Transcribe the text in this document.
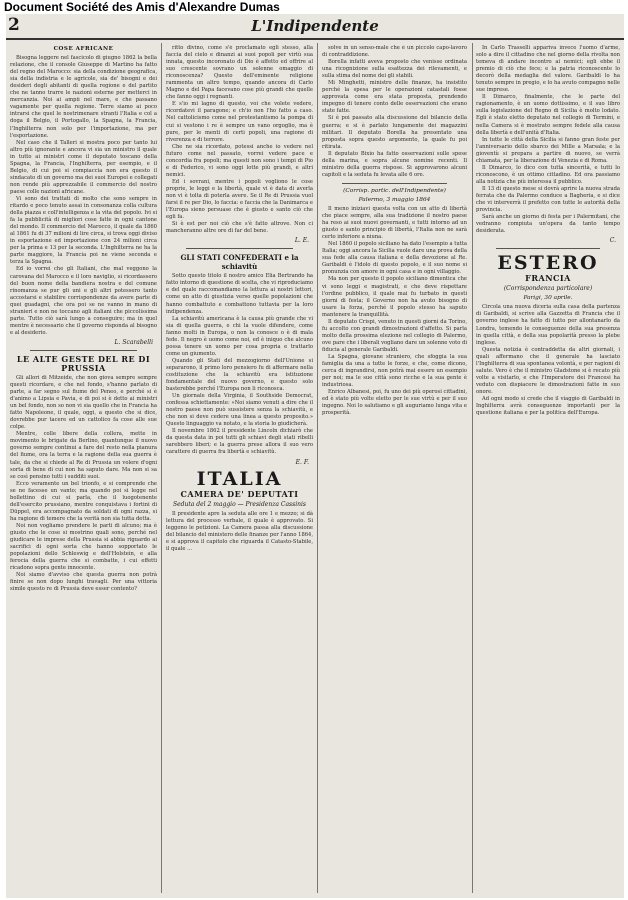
Document Société des Amis d'Alexandre Dumas
2	L'Indipendente
COSE AFRICANE

Bisogna leggere nel fascicolo di giugno 1862 la bella relazione, che il console Giuseppe di Martino ha fatto del regno del Marocco: sia della condizione geografica, sia della indistria e le agricole, sia de' bisogni e dei desideri degli abitanti di quella regione e del partito che ne tanno trarre le nazioni esterne per metterci in mercanzia. Noi ai ampii nel mare, e che passano vagamente per quella regione. Terre siamo ai poco intrarsi che quel le nostrimenare stranti l'Italia e col a doga il Belgio, il Portogallo, la Spagna, la Francia, l'Inghilterra non solo per l'importazione, ma per l'esportazione.

Nel caso che il Talleri si mostra poco per tanto lui altro più ignorante e ancora vi sia un ministro il quale in tutto ai ministri come il deputato toscano della Spagna, la Francia, l'Inghilterra, per esempio, e il Belgio, di cui poi si compiaccia non era questo il sindacato di un governo ma dei suoi Europei e collegati non rende più apprezzabile il commercio del nostro paese colle nazioni africane.

Vi sono dei trattati di molto che sono sempre in ritardo e poco tenuto assai in consonanza colla cultura della piazza e coll'intelligenza e la vita del popolo. Ivi si fa la pubblicità di migliori cose fatte in ogni cantone del mondo. Il commercio del Marocco, il quale da 1860 al 1861 fu di 37 milioni di lire circa, si trova oggi diviso in esportazione ed importazione con 24 milioni circa per la prima e 13 per la seconda. L'Inghilterra ne ha la parte maggiore, la Francia poi ne viene seconda e terza la Spagna.

Ed io vorrei che gli Italiani, che mal veggono la carovana del Marocco e il loro naviglio, si ricordassero del buon nome della bandiera nostra e del comune rinomanza se pur gli uni e gli altri potessero tanto accostarsi e stabilire corrispondenze da avere parte di quei guadagni, che ora poi se ne vanno in mano di stranieri e non ne toccano agli italiani che piccolissima parte. Tutto ciò sarà lungo a conseguire; ma in quel mentre è necessario che il governo risponda al bisogno e al desiderio.

L. Scarabelli
LE ALTE GESTE DEL RE DI PRUSSIA

Gli allori di Mitzeide, che non giova sempre sempre questi ricordare, e che nel fondo, s'hanno parlato di parte, a far segno sul fiume del Peneo, e perché si è d'animo a Lipsia e Pavia, e di poi si è detto ai ministri un bel fondo, non so non vi sia quello che in Francia ha fatto Napoleone, il quale, oggi, a questo che si dice, dovrebbe pur tacere ed un cattolico fa cose alle sue colpe.

Mentre, colle libere della collera, mette in movimento le brigate da Berlino, quantunque il nuovo governo sempre continui a fare del resto nella pianura del fiume, ora la terra e la ragione della sua guerra è tale, da che si chiede al Re di Prussia un volere d'ogni sorta di bene di cui non ha saputo dare. Ma non si sa se così pensino tutti i sudditi suoi.

Ecco veramente un bel trionfo, e si comprende che se ne facesse un vanto; ma quando poi si legge nel bollettino di cui si parla, che il luogotenente dell'esercito prussiano, mentre conquistava i fortini di Düppel, era accompagnato da soldati di ogni razza, si ha ragione di temere che la verità non sia tutta detta.

Noi non vogliamo prendere le parti di alcuno; ma è giusto che le cose si mostrino quali sono, perché nel giudicare le imprese della Prussia si abbia riguardo ai sacrifici di ogni sorta che hanno sopportato le popolazioni dello Schleswig e dell'Holstein, e alla ferocia della guerra che si combatte, i cui effetti ricadono sopra gente innocente.

Noi siamo d'avviso che questa guerra non potrà finire se non dopo lunghi travagli. Per una vittoria simile questo re di Prussia deve esser contento?

ritto divino, come s'è proclamato egli stesso, alla faccia del cielo e dinanzi ai suoi popoli per virtù sua innata, questo incoronato di Dio è affetto ed offrire al suo crescente sovrano un solenne omaggio di riconoscenza? Questo dell'eminente religione rammenta un altro tempo, quando ancora di Carlo Magno e del Papa facevano cose più grandi che quelle che fanno oggi i regnanti.

E s'io mi lagno di questo, voi che volete vedere, ricordatevi il paragone; e ch'io non l'ho fatto a caso. Nel cattolicismo come nel protestantismo la pompa di cui si vestono i re è sempre un vano orgoglio, ma è pure, per le menti di certi popoli, una ragione di riverenza e di terrore.

Che ne sia ricordato, potessi anche io vedere nel futuro come nel passato, vorrei vedere pace e concordia fra popoli; ma questi non sono i tempi di Pio e di Federico, vi sono oggi lotte più grandi, e altri nemici.

Ed i sovrani, mentre i popoli vogliono le cose proprie, le leggi e la libertà, quale vi è data di averla non vi è tolta di poterla avere. Se il Re di Prussia vuol farsi il re per Dio, lo faccia: e faccia che la Danimarca e l'Europa sieno persuase che è giusto e santo ciò che egli fa.

Si è est per noi ciò che s'è fatto altrove. Non ci mancheranno altre ore di far del bene.

L. E.
GLI STATI CONFEDERATI e la schiavitù

Sotto questo titolo il nostro amico Elia Bertrando ha fatto intorno di questione di scelta, che vi riproduciamo e del quale raccomandiamo la lettura ai nostri lettori, come un atto di giustizia verso quelle popolazioni che hanno combattuto e combattono tuttavia per la loro indipendenza.

La schiavitù americana è la causa più grande che vi sia di quella guerra, e chi la vuole difendere, come fanno molti in Europa, o non la conosce o è di mala fede. Il negro è uomo come noi, ed è iniquo che alcuno possa tenere un uomo per cosa propria e trattarlo come un giumento.

Quando gli Stati del mezzogiorno dell'Unione si separarono, il primo loro pensiero fu di affermare nella costituzione che la schiavitù era istituzione fondamentale del nuovo governo, e questo solo basterebbe perché l'Europa non li riconosca.

Un giornale della Virginia, il Southside Democrat, confessa schiettamente: «Noi siamo venuti a dire che il nostro paese non può sussistere senza la schiavitù, e che non si deve cedere una linea a questo proposito.» Questo linguaggio va notato, e la storia lo giudicherà.

Il novembre 1862 il presidente Lincoln dichiarò che da questa data in poi tutti gli schiavi degli stati ribelli sarebbero liberi; e la guerra prese allora il suo vero carattere di guerra fra libertà e schiavitù.

E. F.
ITALIA
CAMERA DE' DEPUTATI
Seduta del 2 maggio — Presidenza Cassinis

Il presidente apre la seduta alle ore 1 e mezzo; si dà lettura del processo verbale, il quale è approvato. Si leggono le petizioni. La Camera passa alla discussione del bilancio del ministero delle finanze per l'anno 1864, e si approva il capitolo che riguarda il Catasto-Stabile, il quale ...

solve in un senso-male che è un piccolo capo-lavoro di contraddizione.

Borella infatti aveva proposto che venisse ordinata una ricognizione sulla esattezza dei rilevamenti, e sulla stima del nome dei gli stabili.

Mi Minghetti, ministro delle finanze, ha insistito perché la spesa per le operazioni catastali fosse approvata come era stata proposta, prendendo impegno di tenere conto delle osservazioni che erano state fatte.

Si è poi passato alla discussione del bilancio della guerra; e si è parlato lungamente dei magazzini militari. Il deputato Borella ha presentato una proposta sopra questo argomento, la quale fu poi ritirata.

Il deputato Bixio ha fatto osservazioni sulle spese della marina, e sopra alcune nomine recenti. Il ministro della guerra rispose. Si approvarono alcuni capitoli e la seduta fu levata alle 6 ore.

(Corrisp. partic. dell'Indipendente)
Palermo, 3 maggio 1864

Il meno iniziavi questa volta con un atto di libertà che piace sempre, alla sua tradizione il nostro paese ha reso ai suoi nuovi governanti, e tutti intorno ad un giusto e santo principio di libertà, l'Italia non ne sarà certo inferiore a niuna.

Nel 1860 il popolo siciliano ha dato l'esempio a tutta Italia; oggi ancora la Sicilia vuole dare una prova della sua fede alla causa italiana e della devozione al Re. Garibaldi è l'idolo di questo popolo, e il suo nome si pronunzia con amore in ogni casa e in ogni villaggio.

Ma non per questo il popolo siciliano dimentica che vi sono leggi e magistrati, e che deve rispettare l'ordine pubblico, il quale mai fu turbato in questi giorni di festa; il Governo non ha avuto bisogno di usare la forza, perché il popolo stesso ha saputo mantenere la tranquillità.

Il deputato Crispi, venuto in questi giorni da Torino, fu accolto con grandi dimostrazioni d'affetto. Si parla molto della prossima elezione nel collegio di Palermo, ove pare che i liberali vogliano dare un solenne voto di fiducia al generale Garibaldi.

La Spagna, giovane straniero, che sfoggia la sua famiglia da una a tutte le forze, e che, come dicono, cerca di ingrandirsi, non potrà mai essere un esempio per noi; ma le sue città sono ricche e la sua gente è industriosa.

Enrico Albanesi, poi, fu uno dei più operosi cittadini, ed è stato più volte eletto per le sue virtù e per il suo ingegno. Noi lo salutiamo e gli auguriamo lunga vita e prosperità.

In Carlo Trasselli appariva invece l'uomo d'arme, solo a dire il cittadino che nel giorno della rivolta non temeva di andare incontro ai nemici; egli ebbe il premio di ciò che fece; e la patria riconoscente lo decorò della medaglia del valore. Garibaldi lo ha tenuto sempre in pregio, e lo ha avuto compagno nelle sue imprese.

Il Dimarco, finalmente, che le parte del ragionamento, è un uomo dottissimo, e il suo libro sulla legislazione del Regno di Sicilia è molto lodato. Egli è stato eletto deputato nel collegio di Termini, e nella Camera si è mostrato sempre fedele alla causa della libertà e dell'unità d'Italia.

In tutte le città della Sicilia si fanno gran feste per l'anniversario dello sbarco dei Mille a Marsala; e la gioventù si prepara a partire di nuovo, se verrà chiamata, per la liberazione di Venezia e di Roma.

Il Dimarco, lo dico con tutta sincerità, e tutti lo riconoscono, è un ottimo cittadino. Ed ora passiamo alla notizia che più interessa il pubblico.

Il 13 di questo mese si dovrà aprire la nuova strada ferrata che da Palermo conduce a Bagheria, e si dice che vi interverrà il prefetto con tutte le autorità della provincia.

Sarà anche un giorno di festa per i Palermitani, che vedranno compiuta un'opera da tanto tempo desiderata.

C.
ESTERO
FRANCIA
(Corrispondenza particolare)
Parigi, 30 aprile.

Circola una nuova diceria sulla casa della partenza di Garibaldi, si scrive alla Gazzetta di Francia che il governo inglese ha fatto di tutto per allontanarlo da Londra, temendo le conseguenze della sua presenza in quella città, e della sua popolarità presso la plebe inglese.

Questa notizia è contraddetta da altri giornali, i quali affermano che il generale ha lasciato l'Inghilterra di sua spontanea volontà, e per ragioni di salute. Vero è che il ministro Gladstone si è recato più volte a visitarlo, e che l'Imperatore dei Francesi ha veduto con dispiacere le dimostrazioni fatte in suo onore.

Ad ogni modo si crede che il viaggio di Garibaldi in Inghilterra avrà conseguenze importanti per la questione italiana e per la politica dell'Europa.
